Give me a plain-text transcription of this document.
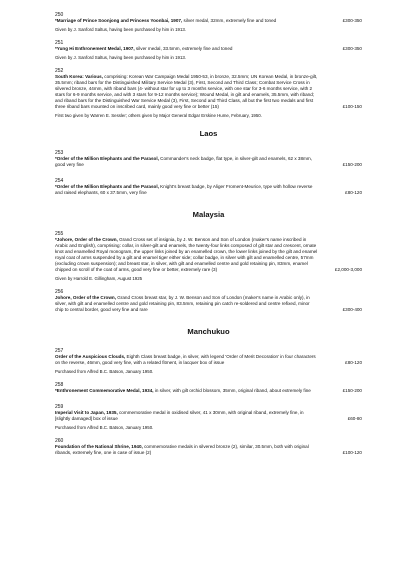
250
*Marriage of Prince Soonjong and Princess Yoonbai, 1907, silver medal, 32mm, extremely fine and toned	£300-350
Given by J. Sanford Saltus, having been purchased by him in 1913.
251
*Yung Hi Enthronement Medal, 1907, silver medal, 33.5mm, extremely fine and toned	£300-350
Given by J. Sanford Saltus, having been purchased by him in 1913.
252
South Korea: Various, comprising: Korean War Campaign Medal 1950-53, in bronze, 32.5mm; UN Korean Medal, in bronze-gilt, 35.5mm; riband bars for the Distinguished Military Service Medal (3), First, Second and Third Class; Combat Service Cross in silvered bronze, 44mm, with riband bars (4- without star for up to 3 months service, with one star for 3-6 months service, with 2 stars for 6-9 months service, and with 3 stars for 9-12 months service); Wound Medal, in gilt and enamels, 35.5mm, with riband; and riband bars for the Distinguished War Service Medal (3), First, Second and Third Class, all but the first two medals and first three riband bars mounted on inscribed card, mainly good very fine or better (15)	£100-150
First two given by Warren E. Sessler; others given by Major General Edgar Erskine Hume, February, 1950.
Laos
253
*Order of the Million Elephants and the Parasol, Commander's neck badge, flat type, in silver-gilt and enamels, 62 x 38mm, good very fine	£150-200
254
*Order of the Million Elephants and the Parasol, Knight's breast badge, by Aliger Froment-Meurice, type with hollow reverse and raised elephants, 60 x 37.5mm, very fine	£80-120
Malaysia
255
*Johore, Order of the Crown, Grand Cross set of insignia, by J. W. Benson and Son of London (maker's name inscribed in Arabic and English), comprising: collar, in silver-gilt and enamels, the twenty-four links composed of gilt star and crescent, ornate knot and enamelled Royal monogram, the upper links joined by an enamelled crown, the lower links joined by the gilt and enamel royal coat of arms suspended by a gilt and enamel tiger either side; collar badge, in silver with gilt and enamelled centre, 57mm (excluding crown suspension); and breast star, in silver, with gilt and enamelled centre and gold retaining pin, 83mm, enamel chipped on scroll of the coat of arms, good very fine or better, extremely rare (3)	£2,000-3,000
Given by Harrold E. Gillingham, August 1925
256
Johore, Order of the Crown, Grand Cross breast star, by J. W. Benson and Son of London (maker's name in Arabic only), in silver, with gilt and enamelled centre and gold retaining pin, 83.5mm, retaining pin catch re-soldered and centre refixed, minor chip to central border, good very fine and rare	£300-400
Manchukuo
257
Order of the Auspicious Clouds, Eighth Class breast badge, in silver, with legend 'Order of Merit Decoration' in four characters on the reverse, 46mm, good very fine, with a related fitment, in lacquer box of issue	£80-120
Purchased from Alfred B.C. Batson, January 1950.
258
*Enthronement Commemorative Medal, 1934, in silver, with gilt orchid blossom, 35mm, original riband, about extremely fine	£150-200
259
Imperial Visit to Japan, 1935, commemorative medal in oxidised silver, 41 x 30mm, with original riband, extremely fine, in [slightly damaged] box of issue	£60-80
Purchased from Alfred B.C. Batson, January 1950.
260
Foundation of the National Shrine, 1940, commemorative medals in silvered bronze (2), similar, 30.5mm, both with original ribands, extremely fine, one in case of issue (2)	£100-120
